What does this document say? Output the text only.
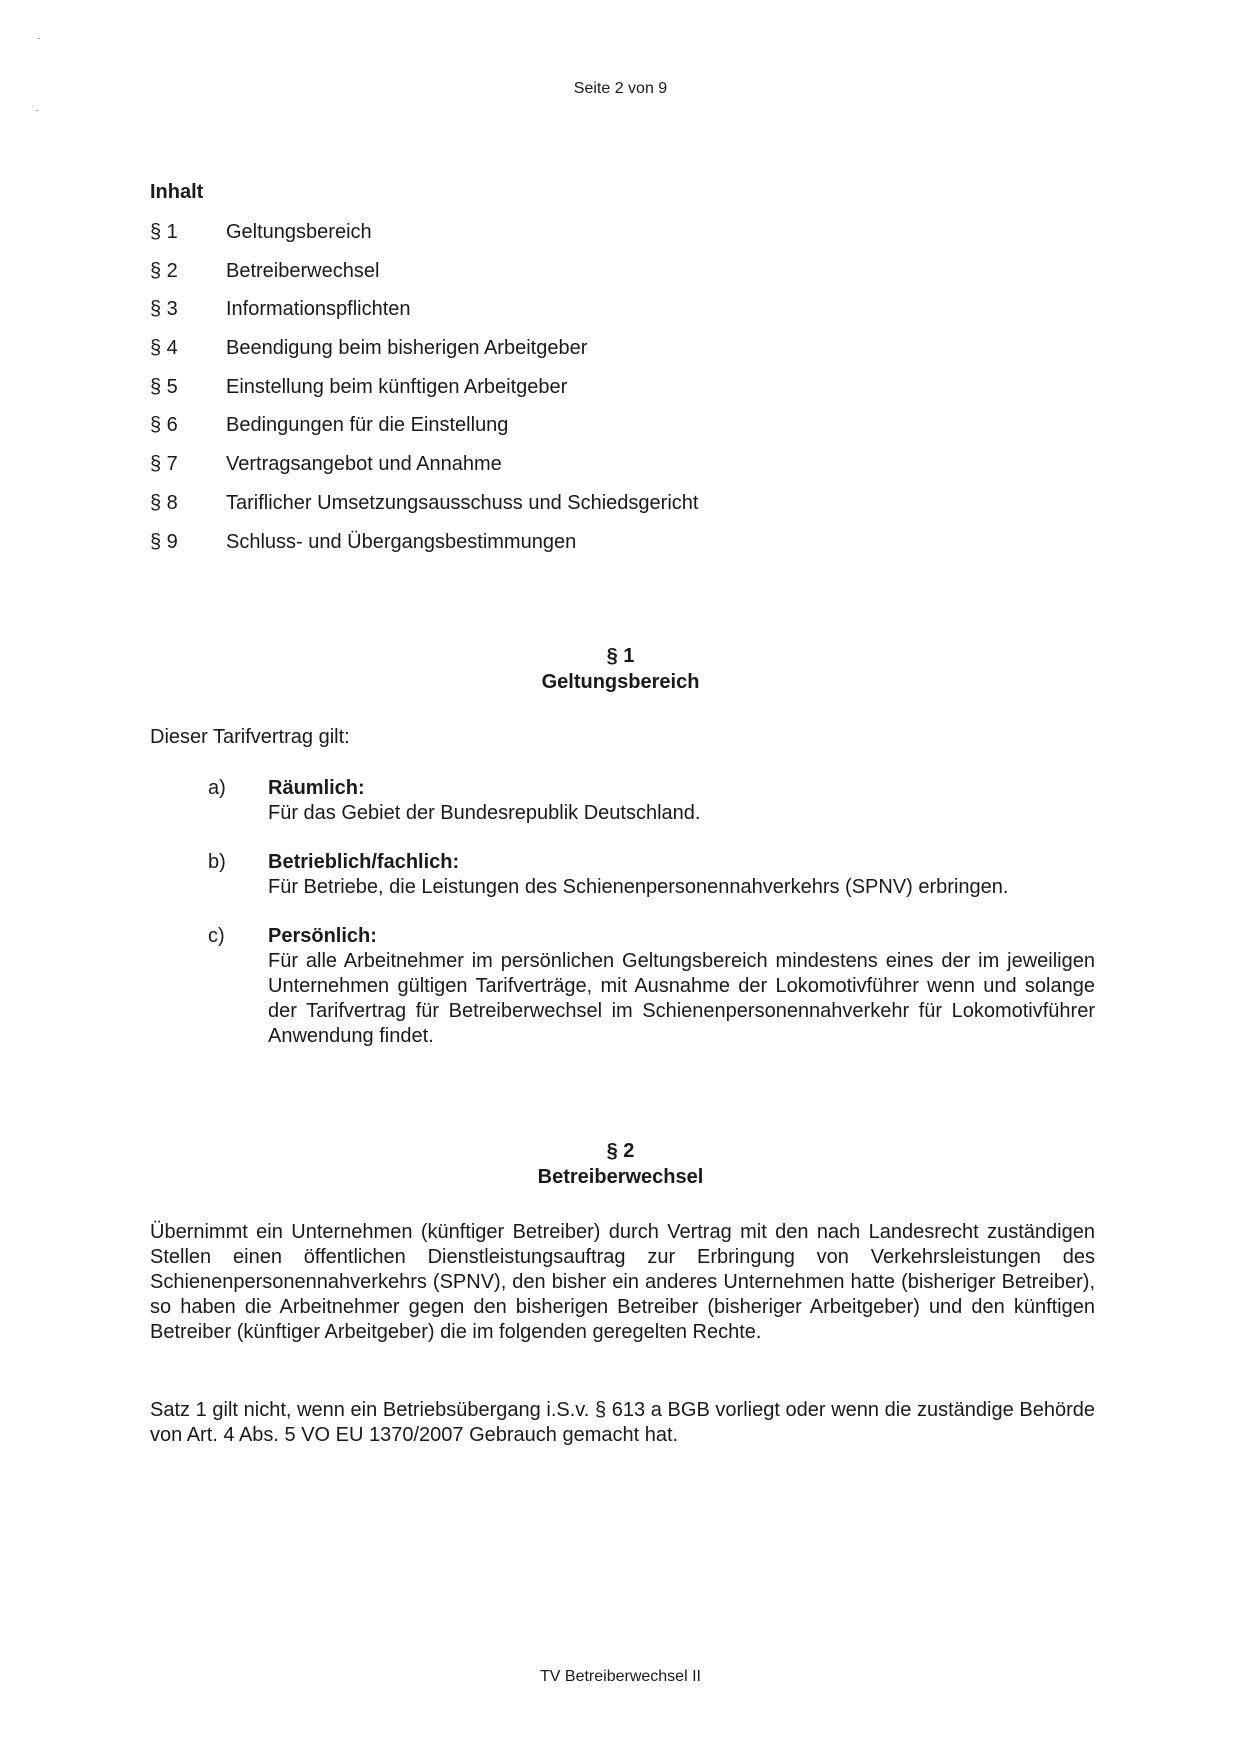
Seite 2 von 9
Inhalt
§ 1	Geltungsbereich
§ 2	Betreiberwechsel
§ 3	Informationspflichten
§ 4	Beendigung beim bisherigen Arbeitgeber
§ 5	Einstellung beim künftigen Arbeitgeber
§ 6	Bedingungen für die Einstellung
§ 7	Vertragsangebot und Annahme
§ 8	Tariflicher Umsetzungsausschuss und Schiedsgericht
§ 9	Schluss- und Übergangsbestimmungen
§ 1
Geltungsbereich
Dieser Tarifvertrag gilt:
a)	Räumlich:
Für das Gebiet der Bundesrepublik Deutschland.
b)	Betrieblich/fachlich:
Für Betriebe, die Leistungen des Schienenpersonennahverkehrs (SPNV) erbringen.
c)	Persönlich:
Für alle Arbeitnehmer im persönlichen Geltungsbereich mindestens eines der im jeweiligen Unternehmen gültigen Tarifverträge, mit Ausnahme der Lokomotivführer wenn und solange der Tarifvertrag für Betreiberwechsel im Schienenpersonennahverkehr für Lokomotivführer Anwendung findet.
§ 2
Betreiberwechsel
Übernimmt ein Unternehmen (künftiger Betreiber) durch Vertrag mit den nach Landesrecht zuständigen Stellen einen öffentlichen Dienstleistungsauftrag zur Erbringung von Verkehrsleistungen des Schienenpersonennahverkehrs (SPNV), den bisher ein anderes Unternehmen hatte (bisheriger Betreiber), so haben die Arbeitnehmer gegen den bisherigen Betreiber (bisheriger Arbeitgeber) und den künftigen Betreiber (künftiger Arbeitgeber) die im folgenden geregelten Rechte.
Satz 1 gilt nicht, wenn ein Betriebsübergang i.S.v. § 613 a BGB vorliegt oder wenn die zuständige Behörde von Art. 4 Abs. 5 VO EU 1370/2007 Gebrauch gemacht hat.
TV Betreiberwechsel II
